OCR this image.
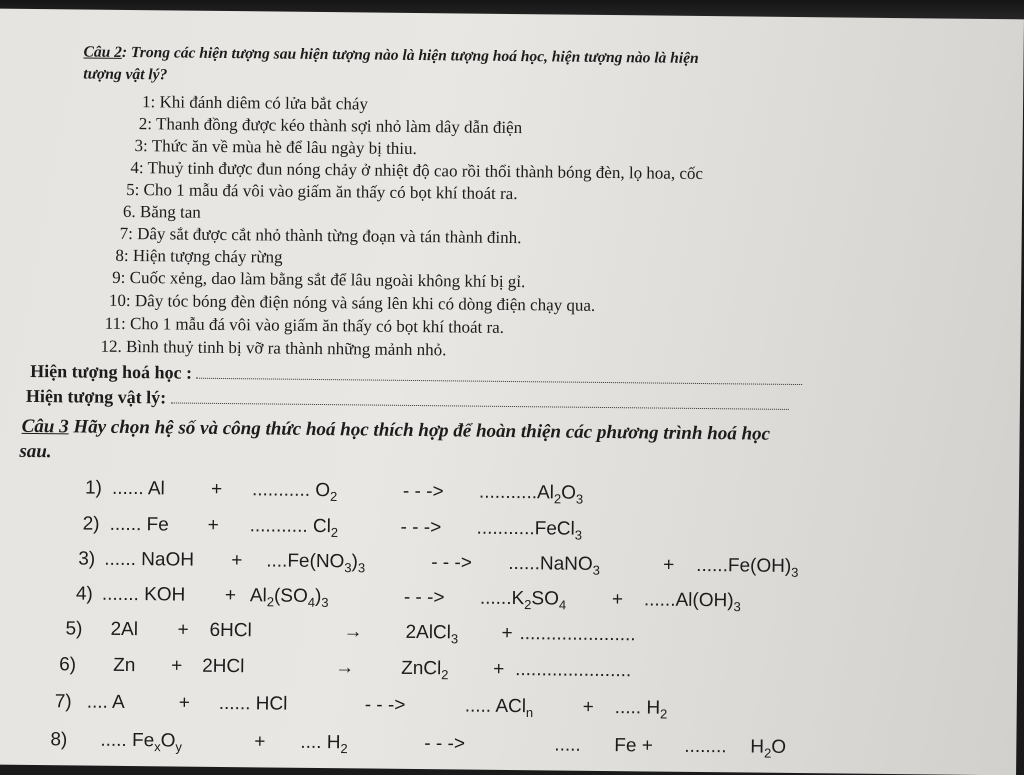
Câu 2: Trong các hiện tượng sau hiện tượng nào là hiện tượng hoá học, hiện tượng nào là hiện
tượng vật lý?
1: Khi đánh diêm có lửa bắt cháy
2: Thanh đồng được kéo thành sợi nhỏ làm dây dẫn điện
3: Thức ăn về mùa hè để lâu ngày bị thiu.
4: Thuỷ tinh được đun nóng chảy ở nhiệt độ cao rồi thổi thành bóng đèn, lọ hoa, cốc
5: Cho 1 mẫu đá vôi vào giấm ăn thấy có bọt khí thoát ra.
6. Băng tan
7: Dây sắt được cắt nhỏ thành từng đoạn và tán thành đinh.
8: Hiện tượng cháy rừng
9: Cuốc xẻng, dao làm bằng sắt để lâu ngoài không khí bị gỉ.
10: Dây tóc bóng đèn điện nóng và sáng lên khi có dòng điện chạy qua.
11: Cho 1 mẫu đá vôi vào giấm ăn thấy có bọt khí thoát ra.
12. Bình thuỷ tinh bị vỡ ra thành những mảnh nhỏ.
Hiện tượng hoá học :
Hiện tượng vật lý:
Câu 3 Hãy chọn hệ số và công thức hoá học thích hợp để hoàn thiện các phương trình hoá học
sau.
1) ...... Al + ........... $O_2$	- - -> $...........Al_2O_3$
2) ...... Fe + ........... $Cl_2$	- - -> ...........FeCl$_3$
3) ...... NaOH + $....Fe(NO_3)_3$	- - -> ......NaNO$_3$	+ $......Fe(OH)_3$
4) ....... KOH + $Al_2(SO_4)_3$	- - -> $......K_2SO_4 + ......Al(OH)_3$
5) 2Al + 6HCl	→ 2AlCl$_3$ + ......................
6) Zn + 2HCl	→ ZnCl$_2$ + ......................
7) .... A	+ ...... HCl	- - ->	..... ACl$_n$	+ ..... $H_2$
8) ..... $Fe_xO_y$	+ .... $H_2$	- - ->	..... Fe + ........ $H_2O$
